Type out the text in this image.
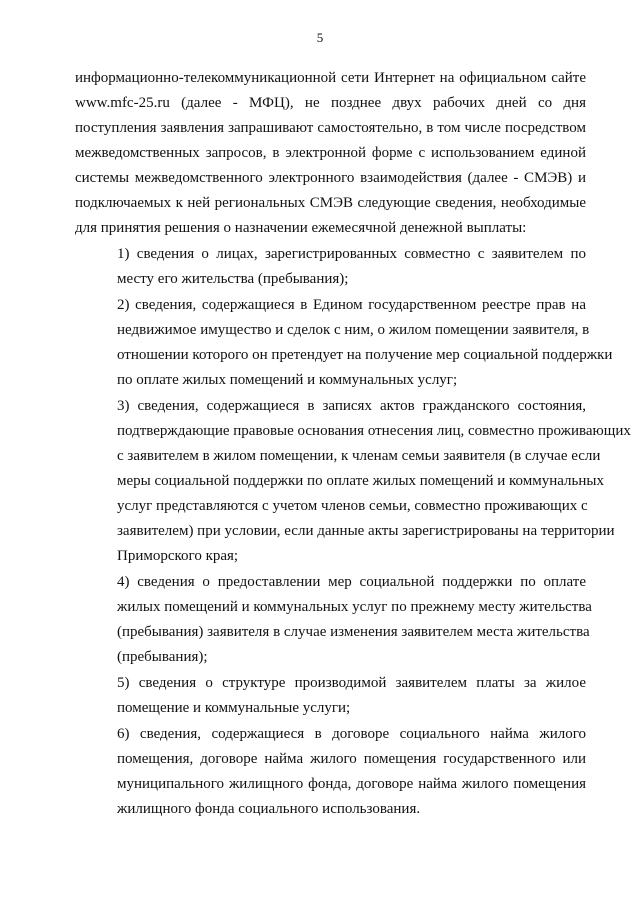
5
информационно-телекоммуникационной сети Интернет на официальном сайте
www.mfc-25.ru (далее - МФЦ), не позднее двух рабочих дней со дня
поступления заявления запрашивают самостоятельно, в том числе посредством
межведомственных запросов, в электронной форме с использованием единой
системы межведомственного электронного взаимодействия (далее - СМЭВ) и
подключаемых к ней региональных СМЭВ следующие сведения, необходимые
для принятия решения о назначении ежемесячной денежной выплаты:
1) сведения о лицах, зарегистрированных совместно с заявителем по
месту его жительства (пребывания);
2) сведения, содержащиеся в Едином государственном реестре прав на
недвижимое имущество и сделок с ним, о жилом помещении заявителя, в
отношении которого он претендует на получение мер социальной поддержки
по оплате жилых помещений и коммунальных услуг;
3) сведения, содержащиеся в записях актов гражданского состояния,
подтверждающие правовые основания отнесения лиц, совместно проживающих
с заявителем в жилом помещении, к членам семьи заявителя (в случае если
меры социальной поддержки по оплате жилых помещений и коммунальных
услуг представляются с учетом членов семьи, совместно проживающих с
заявителем) при условии, если данные акты зарегистрированы на территории
Приморского края;
4) сведения о предоставлении мер социальной поддержки по оплате
жилых помещений и коммунальных услуг по прежнему месту жительства
(пребывания) заявителя в случае изменения заявителем места жительства
(пребывания);
5) сведения о структуре производимой заявителем платы за жилое
помещение и коммунальные услуги;
6) сведения, содержащиеся в договоре социального найма жилого
помещения, договоре найма жилого помещения государственного или
муниципального жилищного фонда, договоре найма жилого помещения
жилищного фонда социального использования.
